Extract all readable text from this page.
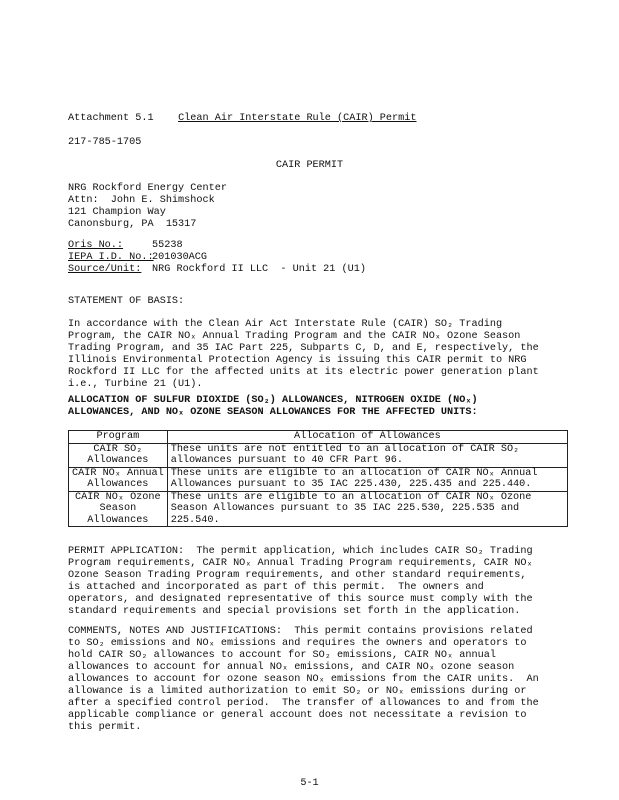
Attachment 5.1 Clean Air Interstate Rule (CAIR) Permit
217-785-1705
CAIR PERMIT
NRG Rockford Energy Center
Attn:  John E. Shimshock
121 Champion Way
Canonsburg, PA  15317
Oris No.:	55238
IEPA I.D. No.:201030ACG
Source/Unit: NRG Rockford II LLC  - Unit 21 (U1)
STATEMENT OF BASIS:
In accordance with the Clean Air Act Interstate Rule (CAIR) SO₂ Trading
Program, the CAIR NOₓ Annual Trading Program and the CAIR NOₓ Ozone Season
Trading Program, and 35 IAC Part 225, Subparts C, D, and E, respectively, the
Illinois Environmental Protection Agency is issuing this CAIR permit to NRG
Rockford II LLC for the affected units at its electric power generation plant
i.e., Turbine 21 (U1).
ALLOCATION OF SULFUR DIOXIDE (SO₂) ALLOWANCES, NITROGEN OXIDE (NOₓ)
ALLOWANCES, AND NOₓ OZONE SEASON ALLOWANCES FOR THE AFFECTED UNITS:
Program	Allocation of Allowances

CAIR SO₂
Allowances	These units are not entitled to an allocation of CAIR SO₂
allowances pursuant to 40 CFR Part 96.

CAIR NOₓ Annual
Allowances	These units are eligible to an allocation of CAIR NOₓ Annual
Allowances pursuant to 35 IAC 225.430, 225.435 and 225.440.

CAIR NOₓ Ozone
Season
Allowances	These units are eligible to an allocation of CAIR NOₓ Ozone
Season Allowances pursuant to 35 IAC 225.530, 225.535 and
225.540.
PERMIT APPLICATION:  The permit application, which includes CAIR SO₂ Trading
Program requirements, CAIR NOₓ Annual Trading Program requirements, CAIR NOₓ
Ozone Season Trading Program requirements, and other standard requirements,
is attached and incorporated as part of this permit.  The owners and
operators, and designated representative of this source must comply with the
standard requirements and special provisions set forth in the application.
COMMENTS, NOTES AND JUSTIFICATIONS:  This permit contains provisions related
to SO₂ emissions and NOₓ emissions and requires the owners and operators to
hold CAIR SO₂ allowances to account for SO₂ emissions, CAIR NOₓ annual
allowances to account for annual NOₓ emissions, and CAIR NOₓ ozone season
allowances to account for ozone season NOₓ emissions from the CAIR units.  An
allowance is a limited authorization to emit SO₂ or NOₓ emissions during or
after a specified control period.  The transfer of allowances to and from the
applicable compliance or general account does not necessitate a revision to
this permit.
5-1
